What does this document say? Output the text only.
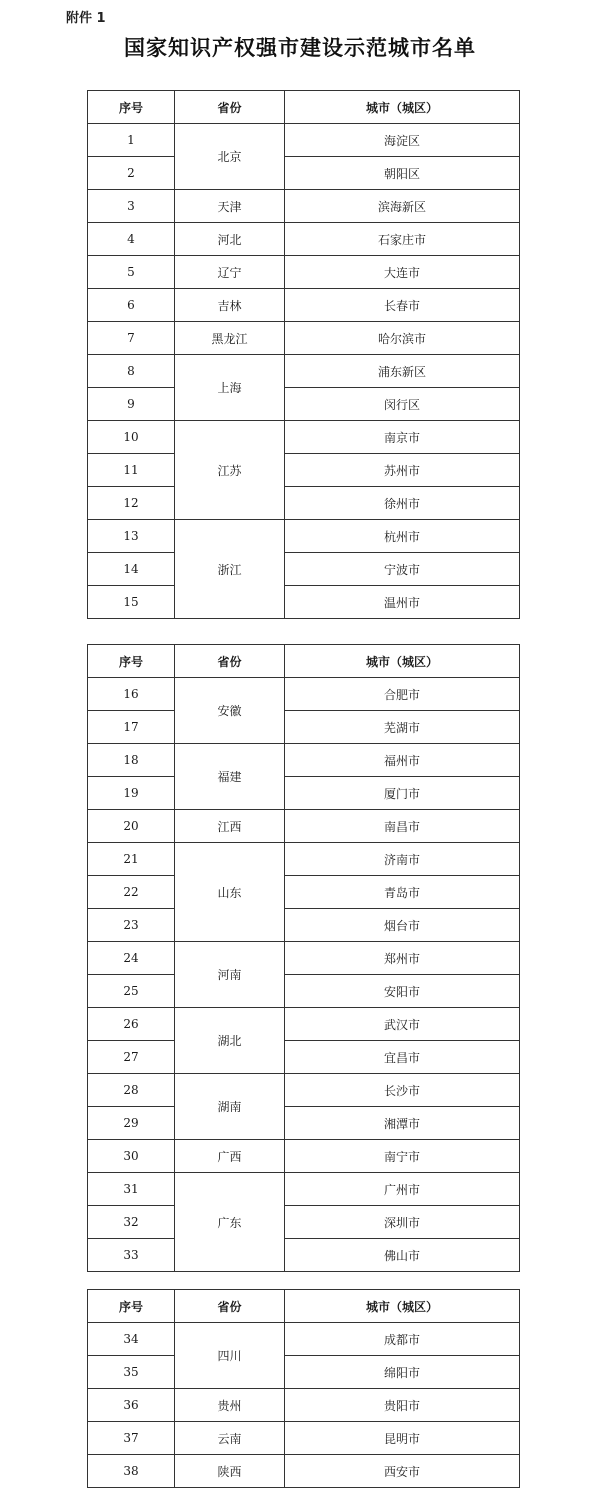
附件 1
国家知识产权强市建设示范城市名单
序号	省份	城市（城区）
1	北京	海淀区
2		朝阳区
3	天津	滨海新区
4	河北	石家庄市
5	辽宁	大连市
6	吉林	长春市
7	黑龙江	哈尔滨市
8	上海	浦东新区
9		闵行区
10	江苏	南京市
11		苏州市
12		徐州市
13	浙江	杭州市
14		宁波市
15		温州市
序号	省份	城市（城区）
16	安徽	合肥市
17		芜湖市
18	福建	福州市
19		厦门市
20	江西	南昌市
21	山东	济南市
22		青岛市
23		烟台市
24	河南	郑州市
25		安阳市
26	湖北	武汉市
27		宜昌市
28	湖南	长沙市
29		湘潭市
30	广西	南宁市
31	广东	广州市
32		深圳市
33		佛山市
序号	省份	城市（城区）
34	四川	成都市
35		绵阳市
36	贵州	贵阳市
37	云南	昆明市
38	陕西	西安市
